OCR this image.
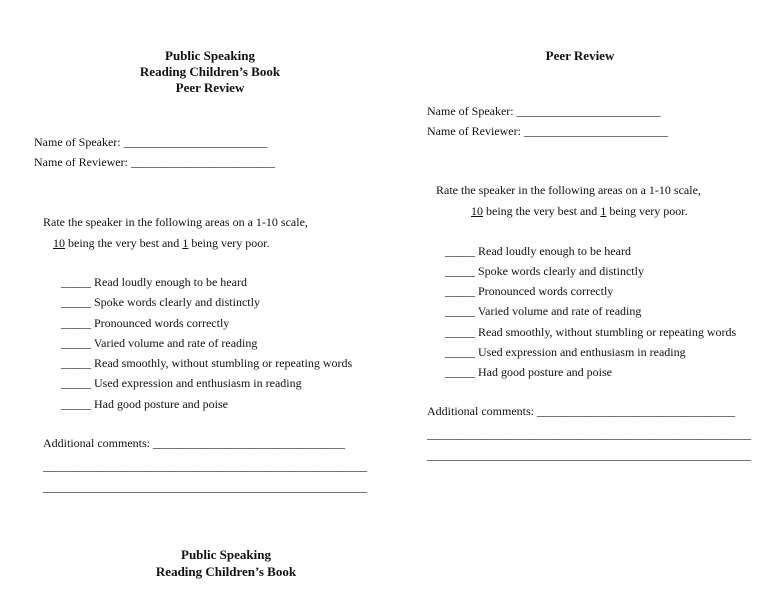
Public Speaking
Reading Children’s Book
Peer Review
Name of Speaker: ________________________
Name of Reviewer: ________________________
Rate the speaker in the following areas on a 1-10 scale,
10 being the very best and 1 being very poor.
_____ Read loudly enough to be heard
_____ Spoke words clearly and distinctly
_____ Pronounced words correctly
_____ Varied volume and rate of reading
_____ Read smoothly, without stumbling or repeating words
_____ Used expression and enthusiasm in reading
_____ Had good posture and poise
Additional comments: ________________________________
______________________________________________________
______________________________________________________
Peer Review
Name of Speaker: ________________________
Name of Reviewer: ________________________
Rate the speaker in the following areas on a 1-10 scale,
10 being the very best and 1 being very poor.
_____ Read loudly enough to be heard
_____ Spoke words clearly and distinctly
_____ Pronounced words correctly
_____ Varied volume and rate of reading
_____ Read smoothly, without stumbling or repeating words
_____ Used expression and enthusiasm in reading
_____ Had good posture and poise
Additional comments: _________________________________
______________________________________________________
______________________________________________________
Public Speaking
Reading Children’s Book
